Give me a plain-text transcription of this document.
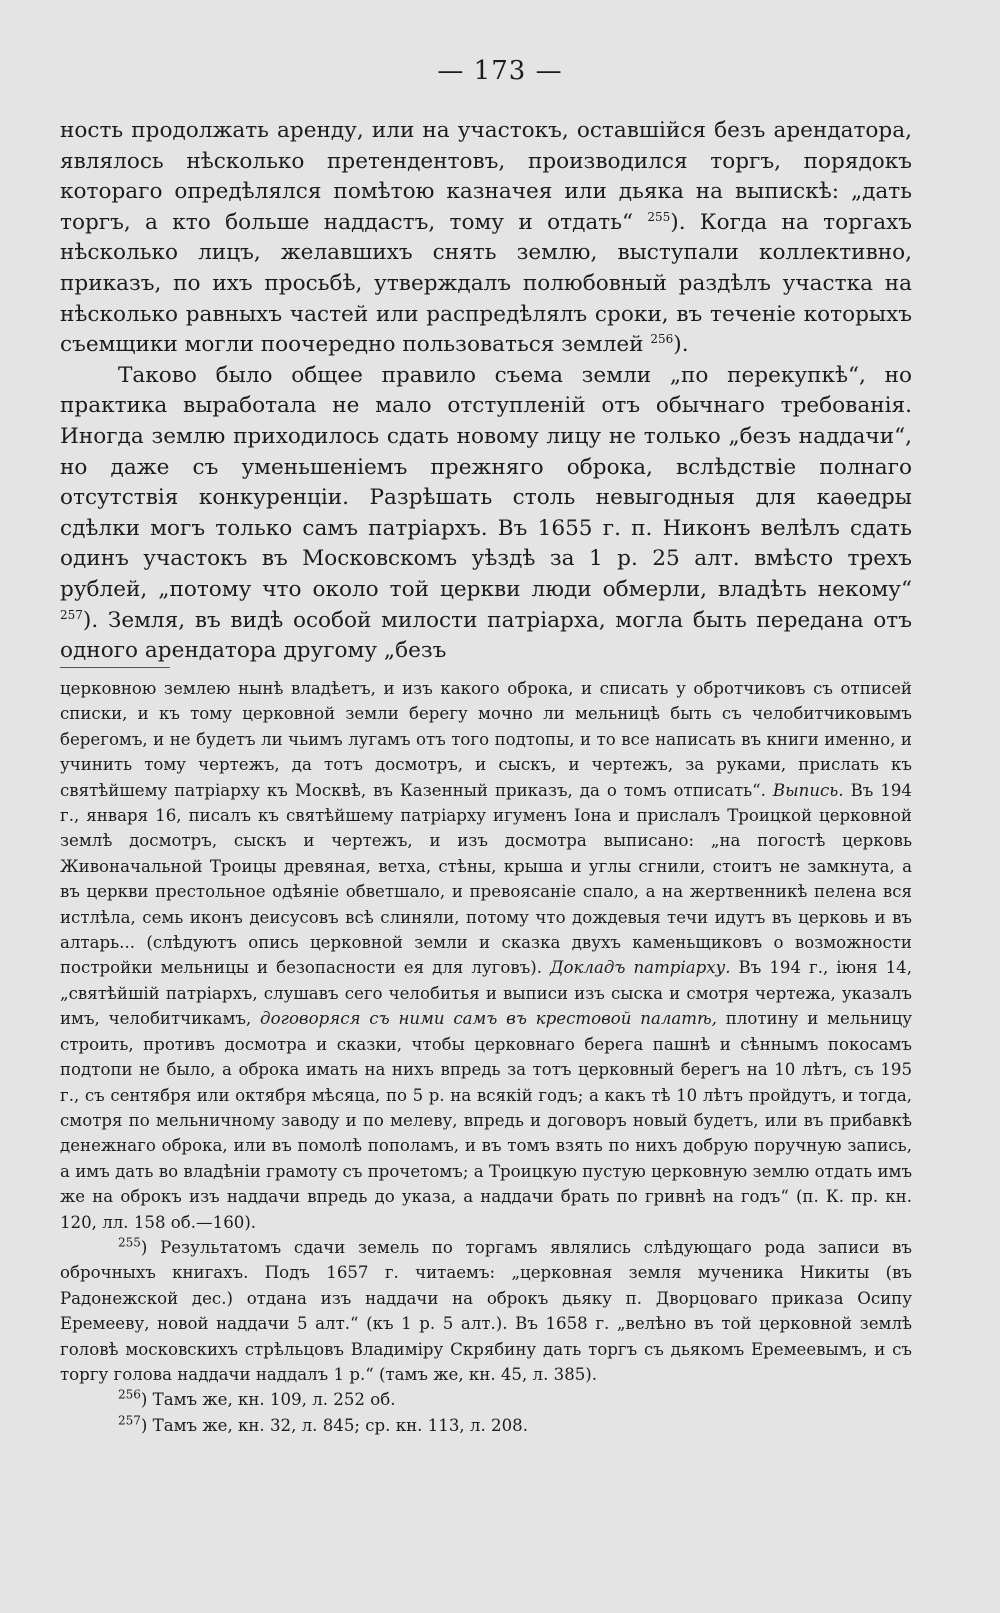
— 173 —

ность продолжать аренду, или на участокъ, оставшійся безъ арендатора, являлось нѣсколько претендентовъ, производился торгъ, порядокъ котораго опредѣлялся помѣтою казначея или дьяка на выпискѣ: „дать торгъ, а кто больше наддастъ, тому и отдать“ $^{255}$). Когда на торгахъ нѣсколько лицъ, желавшихъ снять землю, выступали коллективно, приказъ, по ихъ просьбѣ, утверждалъ полюбовный раздѣлъ участка на нѣсколько равныхъ частей или распредѣлялъ сроки, въ теченіе которыхъ съемщики могли поочередно пользоваться землей $^{256}$).

Таково было общее правило съема земли „по перекупкѣ“, но практика выработала не мало отступленій отъ обычнаго требованія. Иногда землю приходилось сдать новому лицу не только „безъ наддачи“, но даже съ уменьшеніемъ прежняго оброка, вслѣдствіе полнаго отсутствія конкуренціи. Разрѣшать столь невыгодныя для каѳедры сдѣлки могъ только самъ патріархъ. Въ 1655 г. п. Никонъ велѣлъ сдать одинъ участокъ въ Московскомъ уѣздѣ за 1 р. 25 алт. вмѣсто трехъ рублей, „потому что около той церкви люди обмерли, владѣть некому“ $^{257}$). Земля, въ видѣ особой милости патріарха, могла быть передана отъ одного арендатора другому „безъ

церковною землею нынѣ владѣетъ, и изъ какого оброка, и списать у обротчиковъ съ отписей списки, и къ тому церковной земли берегу мочно ли мельницѣ быть съ челобитчиковымъ берегомъ, и не будетъ ли чьимъ лугамъ отъ того подтопы, и то все написать въ книги именно, и учинить тому чертежъ, да тотъ досмотръ, и сыскъ, и чертежъ, за руками, прислать къ святѣйшему патріарху къ Москвѣ, въ Казенный приказъ, да о томъ отписать“. Выпись. Въ 194 г., января 16, писалъ къ святѣйшему патріарху игуменъ Іона и прислалъ Троицкой церковной землѣ досмотръ, сыскъ и чертежъ, и изъ досмотра выписано: „на погостѣ церковь Живоначальной Троицы древяная, ветха, стѣны, крыша и углы сгнили, стоитъ не замкнута, а въ церкви престольное одѣяніе обветшало, и превоясаніе спало, а на жертвенникѣ пелена вся истлѣла, семь иконъ деисусовъ всѣ слиняли, потому что дождевыя течи идутъ въ церковь и въ алтарь... (слѣдуютъ опись церковной земли и сказка двухъ каменьщиковъ о возможности постройки мельницы и безопасности ея для луговъ). Докладъ патріарху. Въ 194 г., іюня 14, „святѣйшій патріархъ, слушавъ сего челобитья и выписи изъ сыска и смотря чертежа, указалъ имъ, челобитчикамъ, договоряся съ ними самъ въ крестовой палатѣ, плотину и мельницу строить, противъ досмотра и сказки, чтобы церковнаго берега пашнѣ и сѣннымъ покосамъ подтопи не было, а оброка имать на нихъ впредь за тотъ церковный берегъ на 10 лѣтъ, съ 195 г., съ сентября или октября мѣсяца, по 5 р. на всякій годъ; а какъ тѣ 10 лѣтъ пройдутъ, и тогда, смотря по мельничному заводу и по мелеву, впредь и договоръ новый будетъ, или въ прибавкѣ денежнаго оброка, или въ помолѣ пополамъ, и въ томъ взять по нихъ добрую поручную запись, а имъ дать во владѣніи грамоту съ прочетомъ; а Троицкую пустую церковную землю отдать имъ же на оброкъ изъ наддачи впредь до указа, а наддачи брать по гривнѣ на годъ“ (п. К. пр. кн. 120, лл. 158 об.—160).

$^{255}$) Результатомъ сдачи земель по торгамъ являлись слѣдующаго рода записи въ оброчныхъ книгахъ. Подъ 1657 г. читаемъ: „церковная земля мученика Никиты (въ Радонежской дес.) отдана изъ наддачи на оброкъ дьяку п. Дворцоваго приказа Осипу Еремееву, новой наддачи 5 алт.“ (къ 1 р. 5 алт.). Въ 1658 г. „велѣно въ той церковной землѣ головѣ московскихъ стрѣльцовъ Владиміру Скрябину дать торгъ съ дьякомъ Еремеевымъ, и съ торгу голова наддачи наддалъ 1 р.“ (тамъ же, кн. 45, л. 385).

$^{256}$) Тамъ же, кн. 109, л. 252 об.

$^{257}$) Тамъ же, кн. 32, л. 845; ср. кн. 113, л. 208.
